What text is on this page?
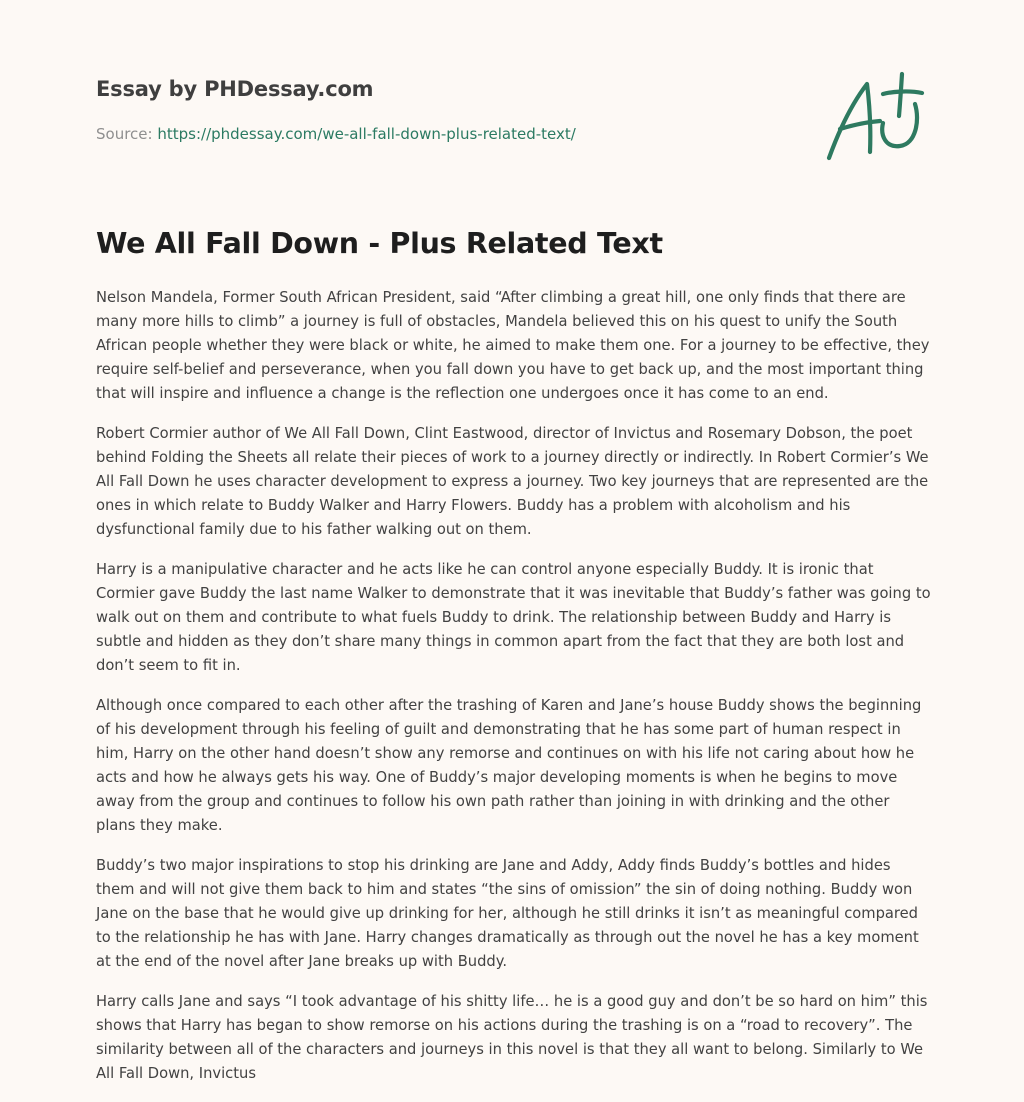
Essay by PHDessay.com
Source: https://phdessay.com/we-all-fall-down-plus-related-text/
We All Fall Down - Plus Related Text

Nelson Mandela, Former South African President, said “After climbing a great hill, one only finds that there are many more hills to climb” a journey is full of obstacles, Mandela believed this on his quest to unify the South African people whether they were black or white, he aimed to make them one. For a journey to be effective, they require self-belief and perseverance, when you fall down you have to get back up, and the most important thing that will inspire and influence a change is the reflection one undergoes once it has come to an end.

Robert Cormier author of We All Fall Down, Clint Eastwood, director of Invictus and Rosemary Dobson, the poet behind Folding the Sheets all relate their pieces of work to a journey directly or indirectly. In Robert Cormier’s We All Fall Down he uses character development to express a journey. Two key journeys that are represented are the ones in which relate to Buddy Walker and Harry Flowers. Buddy has a problem with alcoholism and his dysfunctional family due to his father walking out on them.

Harry is a manipulative character and he acts like he can control anyone especially Buddy. It is ironic that Cormier gave Buddy the last name Walker to demonstrate that it was inevitable that Buddy’s father was going to walk out on them and contribute to what fuels Buddy to drink. The relationship between Buddy and Harry is subtle and hidden as they don’t share many things in common apart from the fact that they are both lost and don’t seem to fit in.

Although once compared to each other after the trashing of Karen and Jane’s house Buddy shows the beginning of his development through his feeling of guilt and demonstrating that he has some part of human respect in him, Harry on the other hand doesn’t show any remorse and continues on with his life not caring about how he acts and how he always gets his way. One of Buddy’s major developing moments is when he begins to move away from the group and continues to follow his own path rather than joining in with drinking and the other plans they make.

Buddy’s two major inspirations to stop his drinking are Jane and Addy, Addy finds Buddy’s bottles and hides them and will not give them back to him and states “the sins of omission” the sin of doing nothing. Buddy won Jane on the base that he would give up drinking for her, although he still drinks it isn’t as meaningful compared to the relationship he has with Jane. Harry changes dramatically as through out the novel he has a key moment at the end of the novel after Jane breaks up with Buddy.

Harry calls Jane and says “I took advantage of his shitty life… he is a good guy and don’t be so hard on him” this shows that Harry has began to show remorse on his actions during the trashing is on a “road to recovery”. The similarity between all of the characters and journeys in this novel is that they all want to belong. Similarly to We All Fall Down, Invictus
